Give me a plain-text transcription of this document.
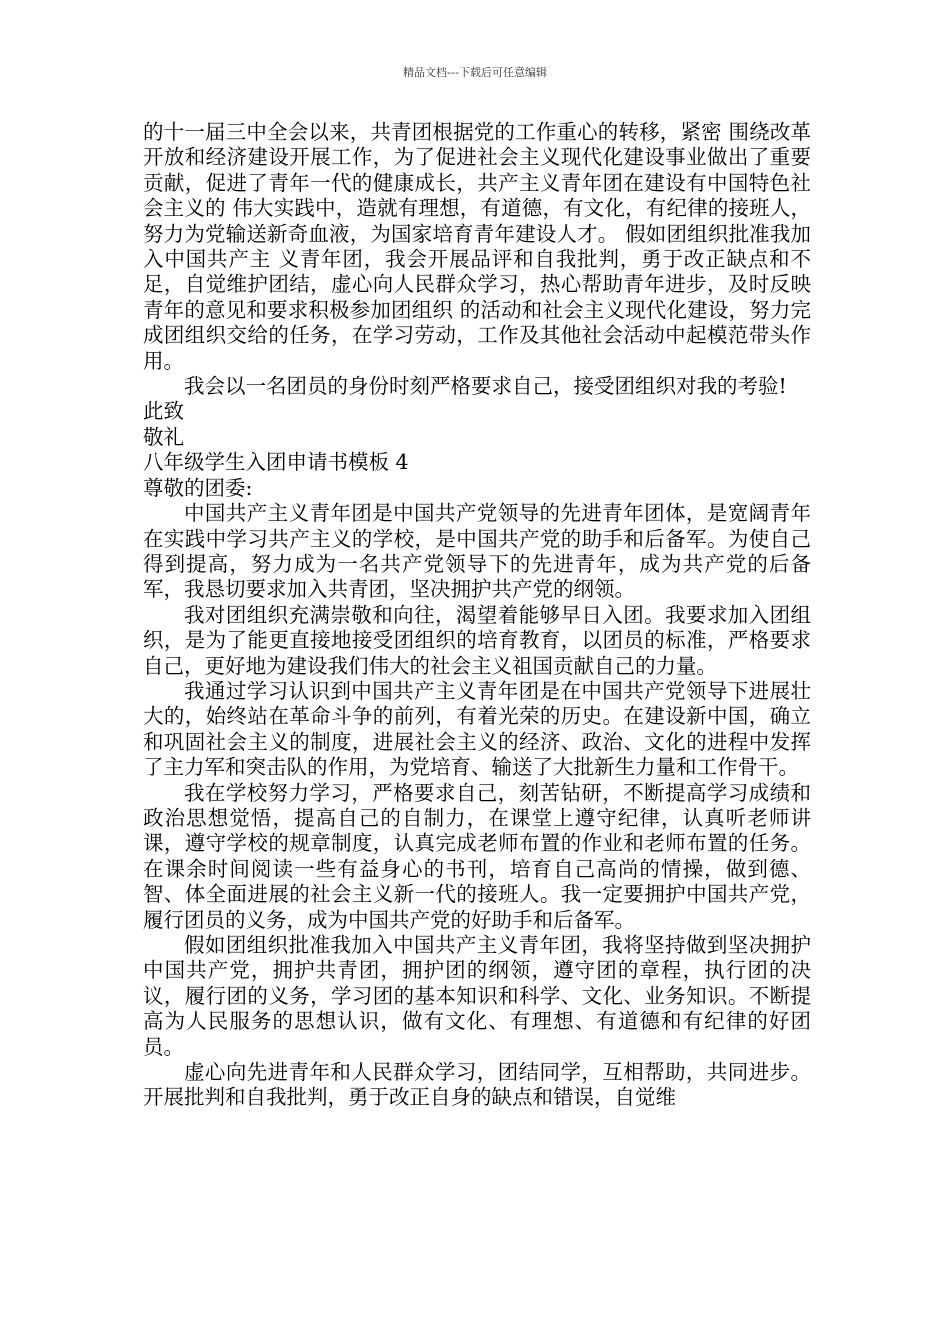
精品文档---下载后可任意编辑

的十一届三中全会以来，共青团根据党的工作重心的转移，紧密 围绕改革开放和经济建设开展工作，为了促进社会主义现代化建设事业做出了重要贡献，促进了青年一代的健康成长，共产主义青年团在建设有中国特色社会主义的 伟大实践中，造就有理想，有道德，有文化，有纪律的接班人，努力为党输送新奇血液，为国家培育青年建设人才。 假如团组织批准我加入中国共产主 义青年团，我会开展品评和自我批判，勇于改正缺点和不足，自觉维护团结，虚心向人民群众学习，热心帮助青年进步，及时反映青年的意见和要求积极参加团组织 的活动和社会主义现代化建设，努力完成团组织交给的任务，在学习劳动，工作及其他社会活动中起模范带头作用。

我会以一名团员的身份时刻严格要求自己，接受团组织对我的考验!

此致

敬礼

八年级学生入团申请书模板 4

尊敬的团委:

中国共产主义青年团是中国共产党领导的先进青年团体，是宽阔青年在实践中学习共产主义的学校，是中国共产党的助手和后备军。为使自己得到提高，努力成为一名共产党领导下的先进青年，成为共产党的后备军，我恳切要求加入共青团，坚决拥护共产党的纲领。

我对团组织充满崇敬和向往，渴望着能够早日入团。我要求加入团组织，是为了能更直接地接受团组织的培育教育，以团员的标准，严格要求自己，更好地为建设我们伟大的社会主义祖国贡献自己的力量。

我通过学习认识到中国共产主义青年团是在中国共产党领导下进展壮大的，始终站在革命斗争的前列，有着光荣的历史。在建设新中国，确立和巩固社会主义的制度，进展社会主义的经济、政治、文化的进程中发挥了主力军和突击队的作用，为党培育、输送了大批新生力量和工作骨干。

我在学校努力学习，严格要求自己，刻苦钻研，不断提高学习成绩和政治思想觉悟，提高自己的自制力，在课堂上遵守纪律，认真听老师讲课，遵守学校的规章制度，认真完成老师布置的作业和老师布置的任务。在课余时间阅读一些有益身心的书刊，培育自己高尚的情操，做到德、智、体全面进展的社会主义新一代的接班人。我一定要拥护中国共产党，履行团员的义务，成为中国共产党的好助手和后备军。

假如团组织批准我加入中国共产主义青年团，我将坚持做到坚决拥护中国共产党，拥护共青团，拥护团的纲领，遵守团的章程，执行团的决议，履行团的义务，学习团的基本知识和科学、文化、业务知识。不断提高为人民服务的思想认识，做有文化、有理想、有道德和有纪律的好团员。

虚心向先进青年和人民群众学习，团结同学，互相帮助，共同进步。开展批判和自我批判，勇于改正自身的缺点和错误，自觉维
